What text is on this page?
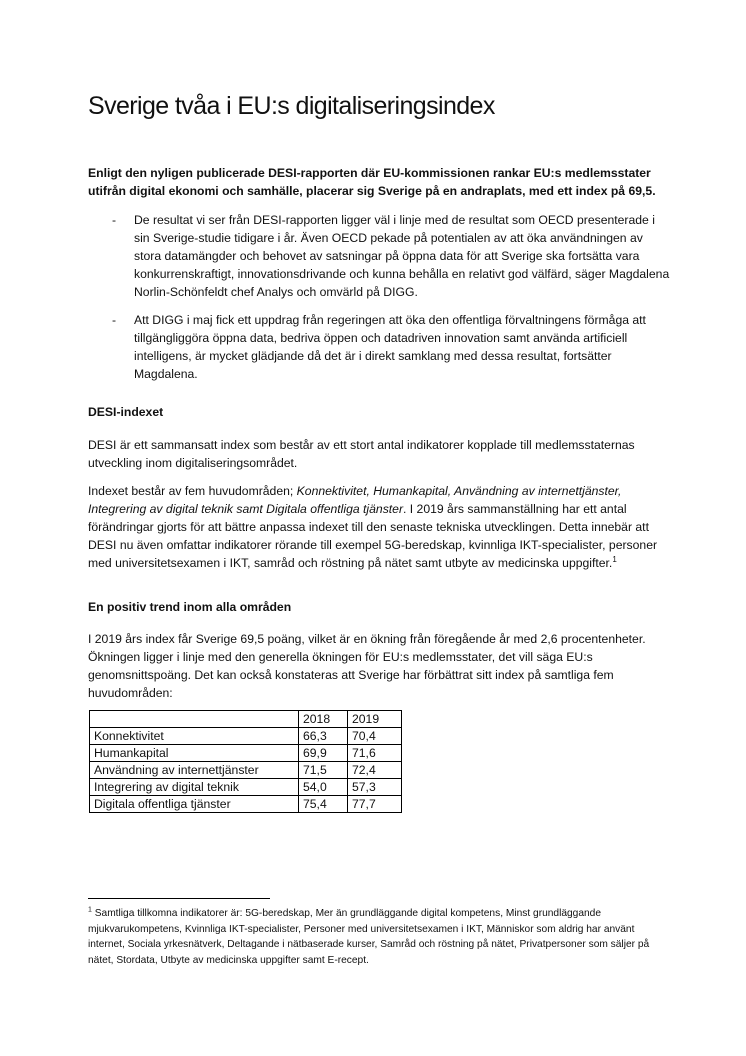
Sverige tvåa i EU:s digitaliseringsindex

Enligt den nyligen publicerade DESI-rapporten där EU-kommissionen rankar EU:s medlemsstater utifrån digital ekonomi och samhälle, placerar sig Sverige på en andraplats, med ett index på 69,5.

-	De resultat vi ser från DESI-rapporten ligger väl i linje med de resultat som OECD presenterade i sin Sverige-studie tidigare i år. Även OECD pekade på potentialen av att öka användningen av stora datamängder och behovet av satsningar på öppna data för att Sverige ska fortsätta vara konkurrenskraftigt, innovationsdrivande och kunna behålla en relativt god välfärd, säger Magdalena Norlin-Schönfeldt chef Analys och omvärld på DIGG.
-	Att DIGG i maj fick ett uppdrag från regeringen att öka den offentliga förvaltningens förmåga att tillgängliggöra öppna data, bedriva öppen och datadriven innovation samt använda artificiell intelligens, är mycket glädjande då det är i direkt samklang med dessa resultat, fortsätter Magdalena.
DESI-indexet

DESI är ett sammansatt index som består av ett stort antal indikatorer kopplade till medlemsstaternas utveckling inom digitaliseringsområdet.

Indexet består av fem huvudområden; Konnektivitet, Humankapital, Användning av internettjänster, Integrering av digital teknik samt Digitala offentliga tjänster. I 2019 års sammanställning har ett antal förändringar gjorts för att bättre anpassa indexet till den senaste tekniska utvecklingen. Detta innebär att DESI nu även omfattar indikatorer rörande till exempel 5G-beredskap, kvinnliga IKT-specialister, personer med universitetsexamen i IKT, samråd och röstning på nätet samt utbyte av medicinska uppgifter.$^1$

En positiv trend inom alla områden

I 2019 års index får Sverige 69,5 poäng, vilket är en ökning från föregående år med 2,6 procentenheter. Ökningen ligger i linje med den generella ökningen för EU:s medlemsstater, det vill säga EU:s genomsnittspoäng. Det kan också konstateras att Sverige har förbättrat sitt index på samtliga fem huvudområden:

	2018	2019
Konnektivitet	66,3	70,4
Humankapital	69,9	71,6
Användning av internettjänster	71,5	72,4
Integrering av digital teknik	54,0	57,3
Digitala offentliga tjänster	75,4	77,7

$^1$ Samtliga tillkomna indikatorer är: 5G-beredskap, Mer än grundläggande digital kompetens, Minst grundläggande mjukvarukompetens, Kvinnliga IKT-specialister, Personer med universitetsexamen i IKT, Människor som aldrig har använt internet, Sociala yrkesnätverk, Deltagande i nätbaserade kurser, Samråd och röstning på nätet, Privatpersoner som säljer på nätet, Stordata, Utbyte av medicinska uppgifter samt E-recept.
